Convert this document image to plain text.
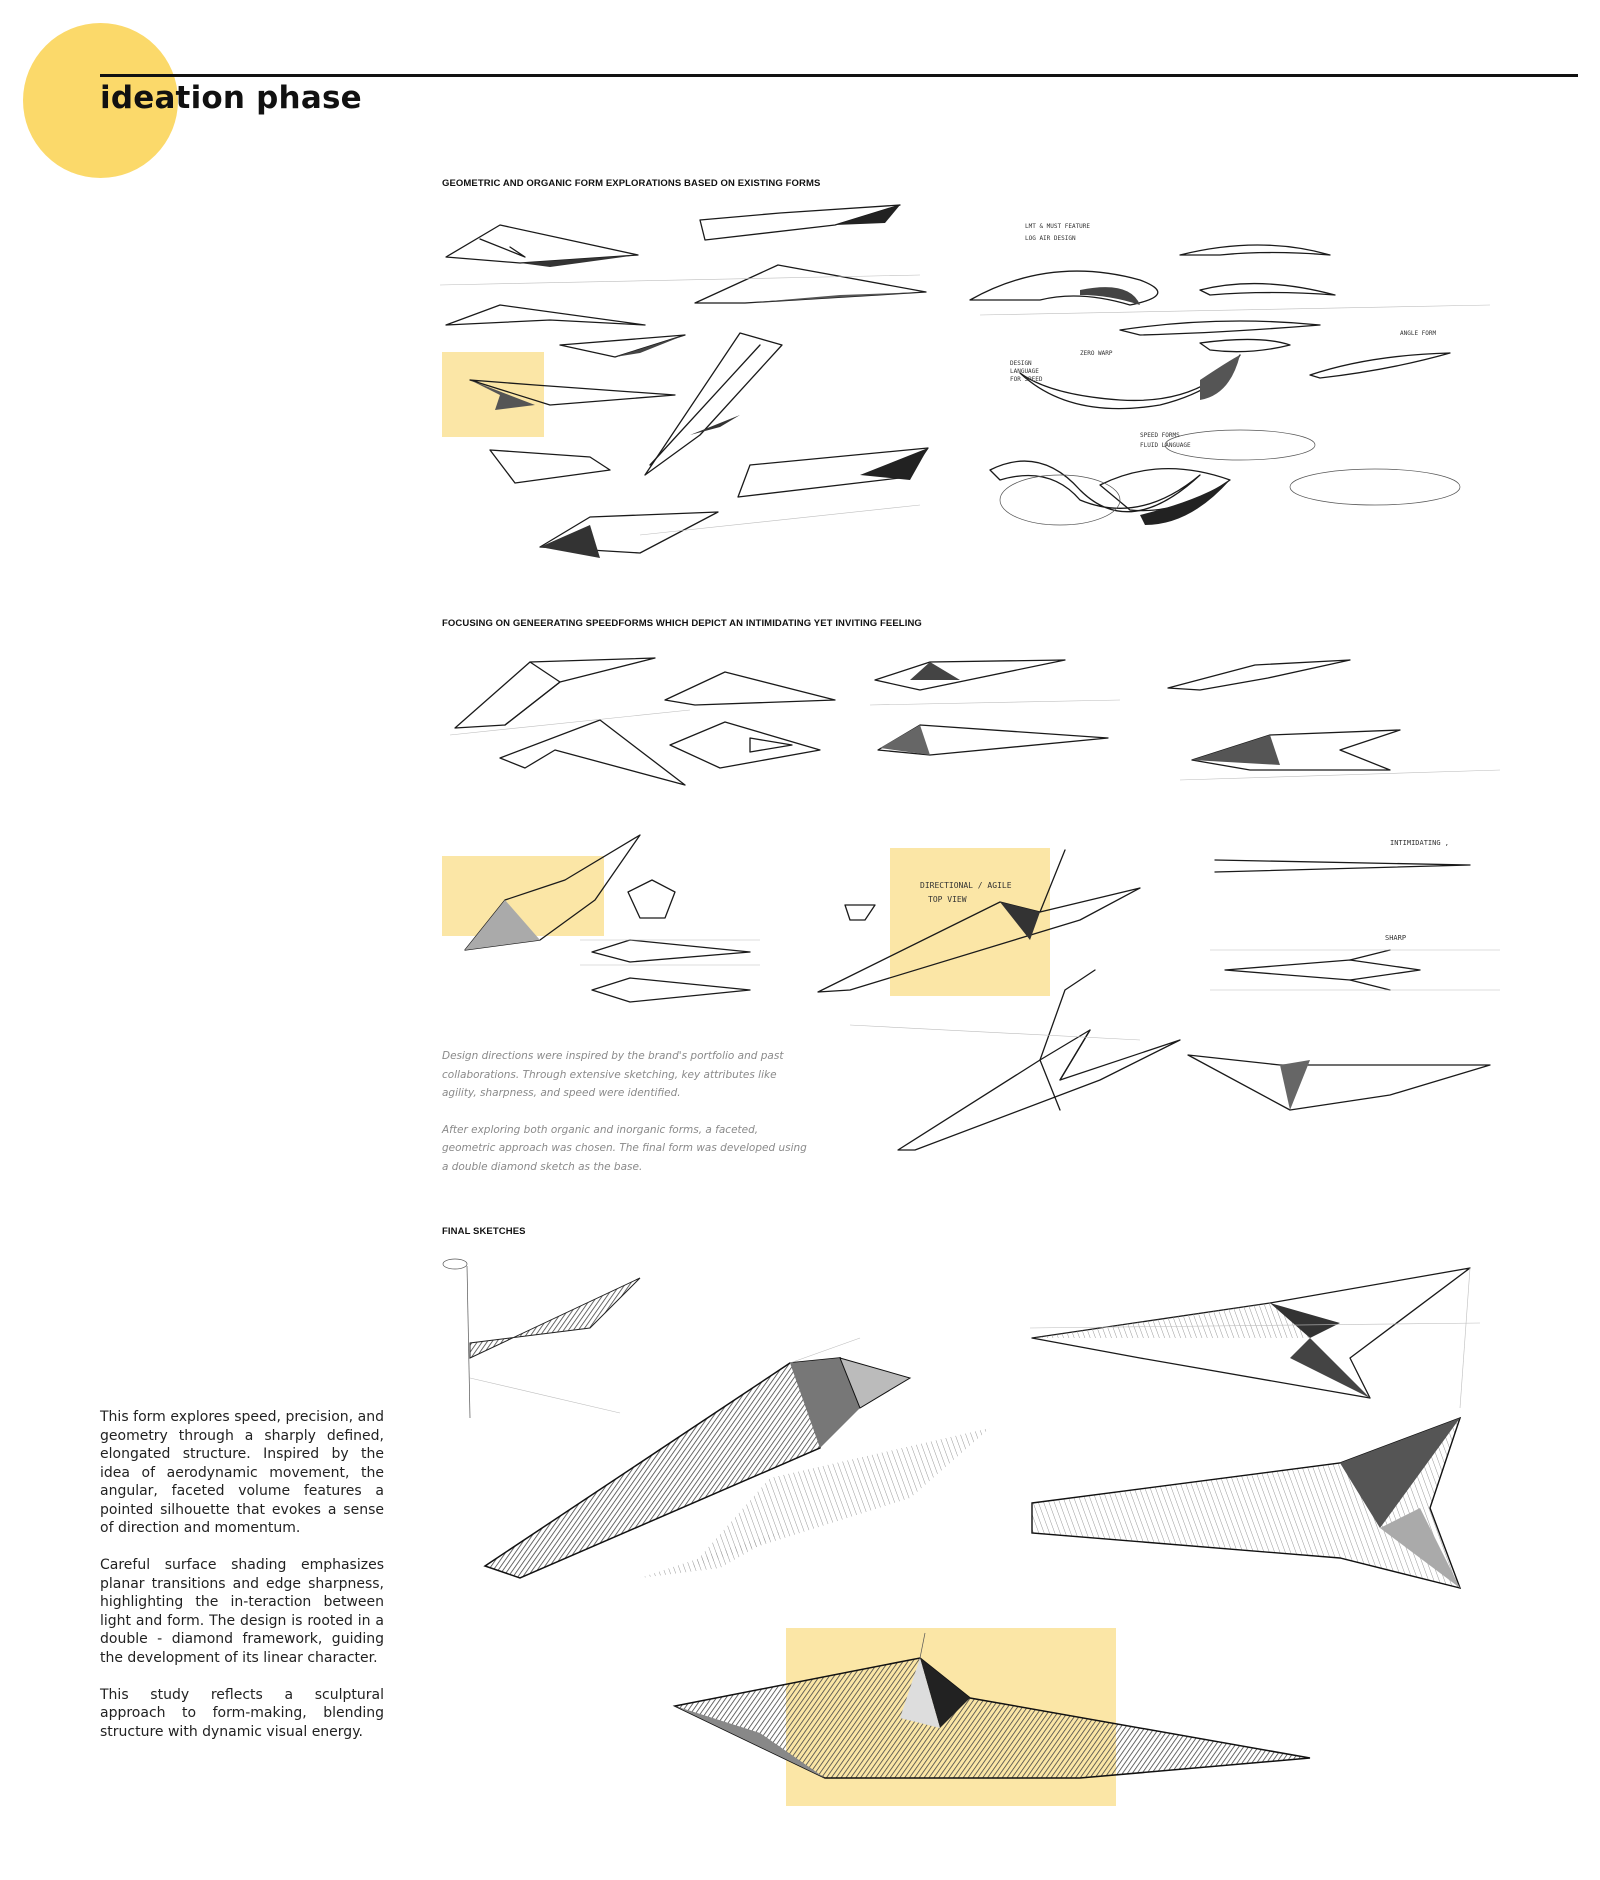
ideation phase
GEOMETRIC AND ORGANIC FORM EXPLORATIONS BASED ON EXISTING FORMS
LMT & MUST FEATURE
LOG AIR DESIGN
DESIGN
LANGUAGE
FOR SPEED
ZERO WARP
SPEED FORMS
FLUID LANGUAGE
ANGLE FORM
FOCUSING ON GENEERATING SPEEDFORMS WHICH DEPICT AN INTIMIDATING YET INVITING FEELING
DIRECTIONAL / AGILE
TOP VIEW
INTIMIDATING ,
SHARP

Design directions were inspired by the brand's portfolio and past collaborations. Through extensive sketching, key attributes like agility, sharpness, and speed were identified.

After exploring both organic and inorganic forms, a faceted, geometric approach was chosen. The final form was developed using a double diamond sketch as the base.

FINAL SKETCHES

This form explores speed, precision, and geometry through a sharply defined, elongated structure. Inspired by the idea of aerodynamic movement, the angular, faceted volume features a pointed silhouette that evokes a sense of direction and momentum.

Careful surface shading emphasizes planar transitions and edge sharpness, highlighting the in-teraction between light and form. The design is rooted in a double - diamond framework, guiding the development of its linear character.

This study reflects a sculptural approach to form-making, blending structure with dynamic visual energy.
